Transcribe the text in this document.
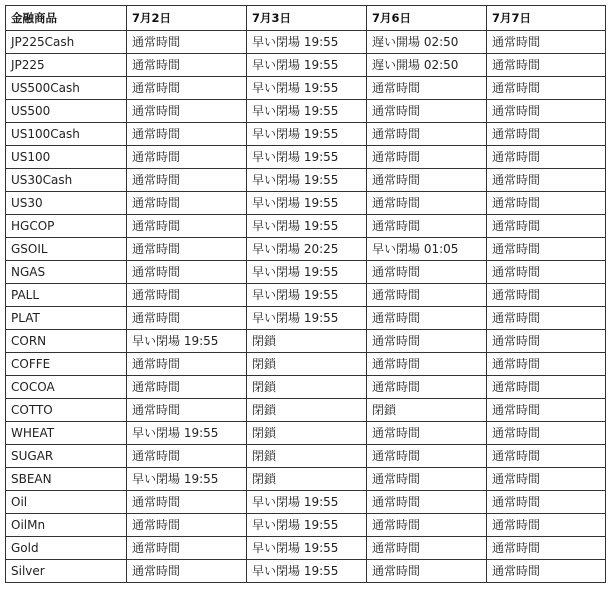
金融商品	7月2日	7月3日	7月6日	7月7日
JP225Cash	通常時間	早い閉場 19:55	遅い開場 02:50	通常時間
JP225	通常時間	早い閉場 19:55	遅い開場 02:50	通常時間
US500Cash	通常時間	早い閉場 19:55	通常時間	通常時間
US500	通常時間	早い閉場 19:55	通常時間	通常時間
US100Cash	通常時間	早い閉場 19:55	通常時間	通常時間
US100	通常時間	早い閉場 19:55	通常時間	通常時間
US30Cash	通常時間	早い閉場 19:55	通常時間	通常時間
US30	通常時間	早い閉場 19:55	通常時間	通常時間
HGCOP	通常時間	早い閉場 19:55	通常時間	通常時間
GSOIL	通常時間	早い閉場 20:25	早い閉場 01:05	通常時間
NGAS	通常時間	早い閉場 19:55	通常時間	通常時間
PALL	通常時間	早い閉場 19:55	通常時間	通常時間
PLAT	通常時間	早い閉場 19:55	通常時間	通常時間
CORN	早い閉場 19:55	閉鎖	通常時間	通常時間
COFFE	通常時間	閉鎖	通常時間	通常時間
COCOA	通常時間	閉鎖	通常時間	通常時間
COTTO	通常時間	閉鎖	閉鎖	通常時間
WHEAT	早い閉場 19:55	閉鎖	通常時間	通常時間
SUGAR	通常時間	閉鎖	通常時間	通常時間
SBEAN	早い閉場 19:55	閉鎖	通常時間	通常時間
Oil	通常時間	早い閉場 19:55	通常時間	通常時間
OilMn	通常時間	早い閉場 19:55	通常時間	通常時間
Gold	通常時間	早い閉場 19:55	通常時間	通常時間
Silver	通常時間	早い閉場 19:55	通常時間	通常時間
